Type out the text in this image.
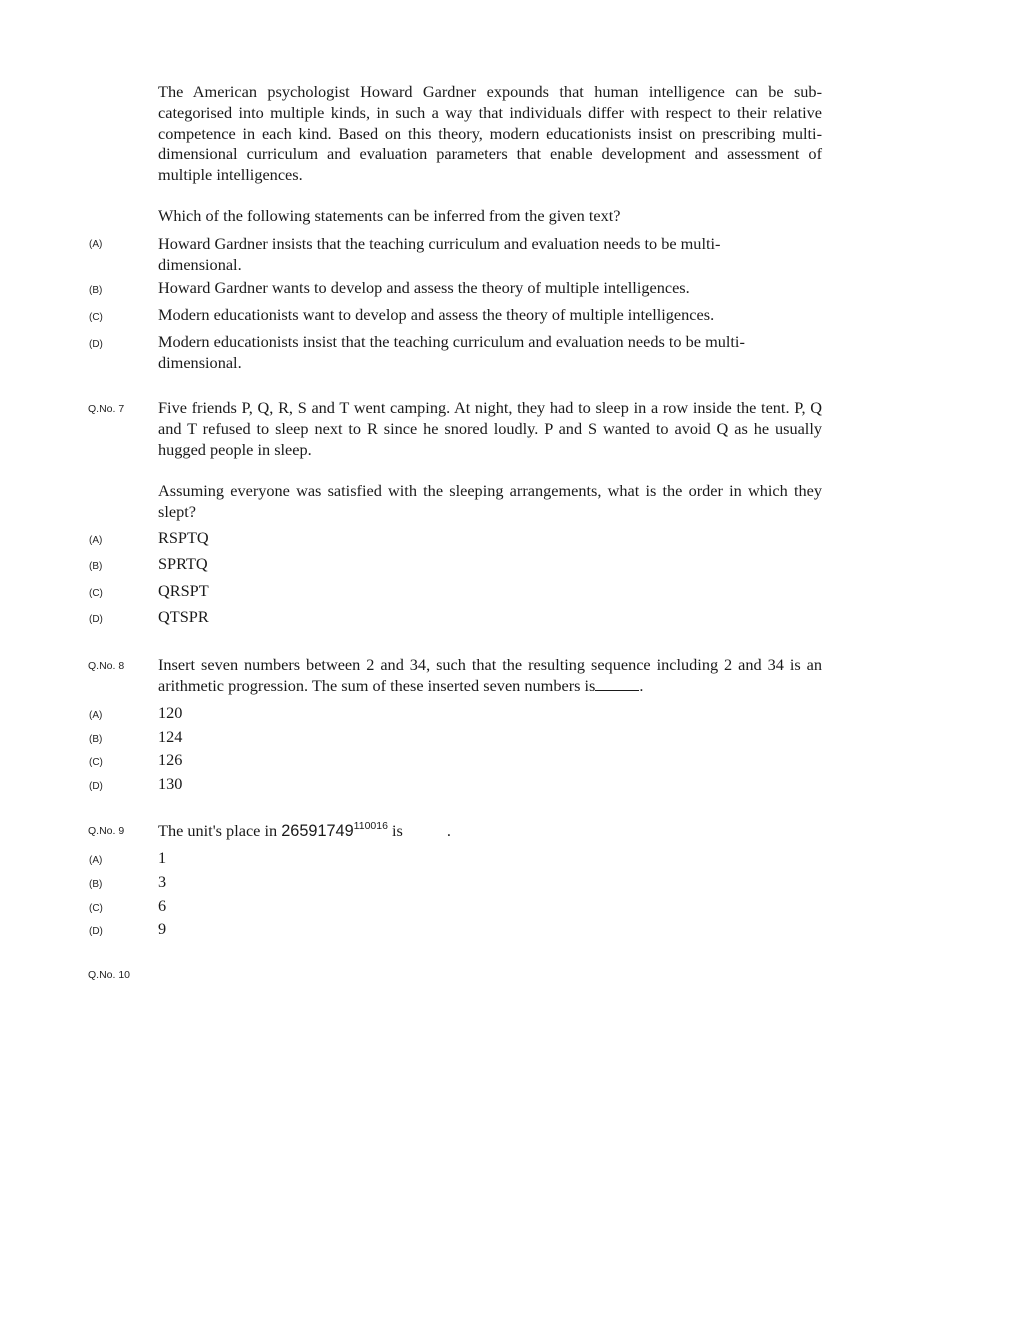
The American psychologist Howard Gardner expounds that human intelligence can be sub-categorised into multiple kinds, in such a way that individuals differ with respect to their relative competence in each kind. Based on this theory, modern educationists insist on prescribing multi-dimensional curriculum and evaluation parameters that enable development and assessment of multiple intelligences.
Which of the following statements can be inferred from the given text?
(A)	Howard Gardner insists that the teaching curriculum and evaluation needs to be multi-dimensional.
(B)	Howard Gardner wants to develop and assess the theory of multiple intelligences.
(C)	Modern educationists want to develop and assess the theory of multiple intelligences.
(D)	Modern educationists insist that the teaching curriculum and evaluation needs to be multi-dimensional.
Q.No. 7 Five friends P, Q, R, S and T went camping. At night, they had to sleep in a row inside the tent. P, Q and T refused to sleep next to R since he snored loudly. P and S wanted to avoid Q as he usually hugged people in sleep.
Assuming everyone was satisfied with the sleeping arrangements, what is the order in which they slept?
(A)	RSPTQ
(B)	SPRTQ
(C)	QRSPT
(D)	QTSPR
Q.No. 8 Insert seven numbers between 2 and 34, such that the resulting sequence including 2 and 34 is an arithmetic progression. The sum of these inserted seven numbers is	.
(A)	120
(B)	124
(C)	126
(D)	130
Q.No. 9 The unit's place in $26591749^{110016}$ is	.
(A)	1
(B)	3
(C)	6
(D)	9
Q.No. 10
